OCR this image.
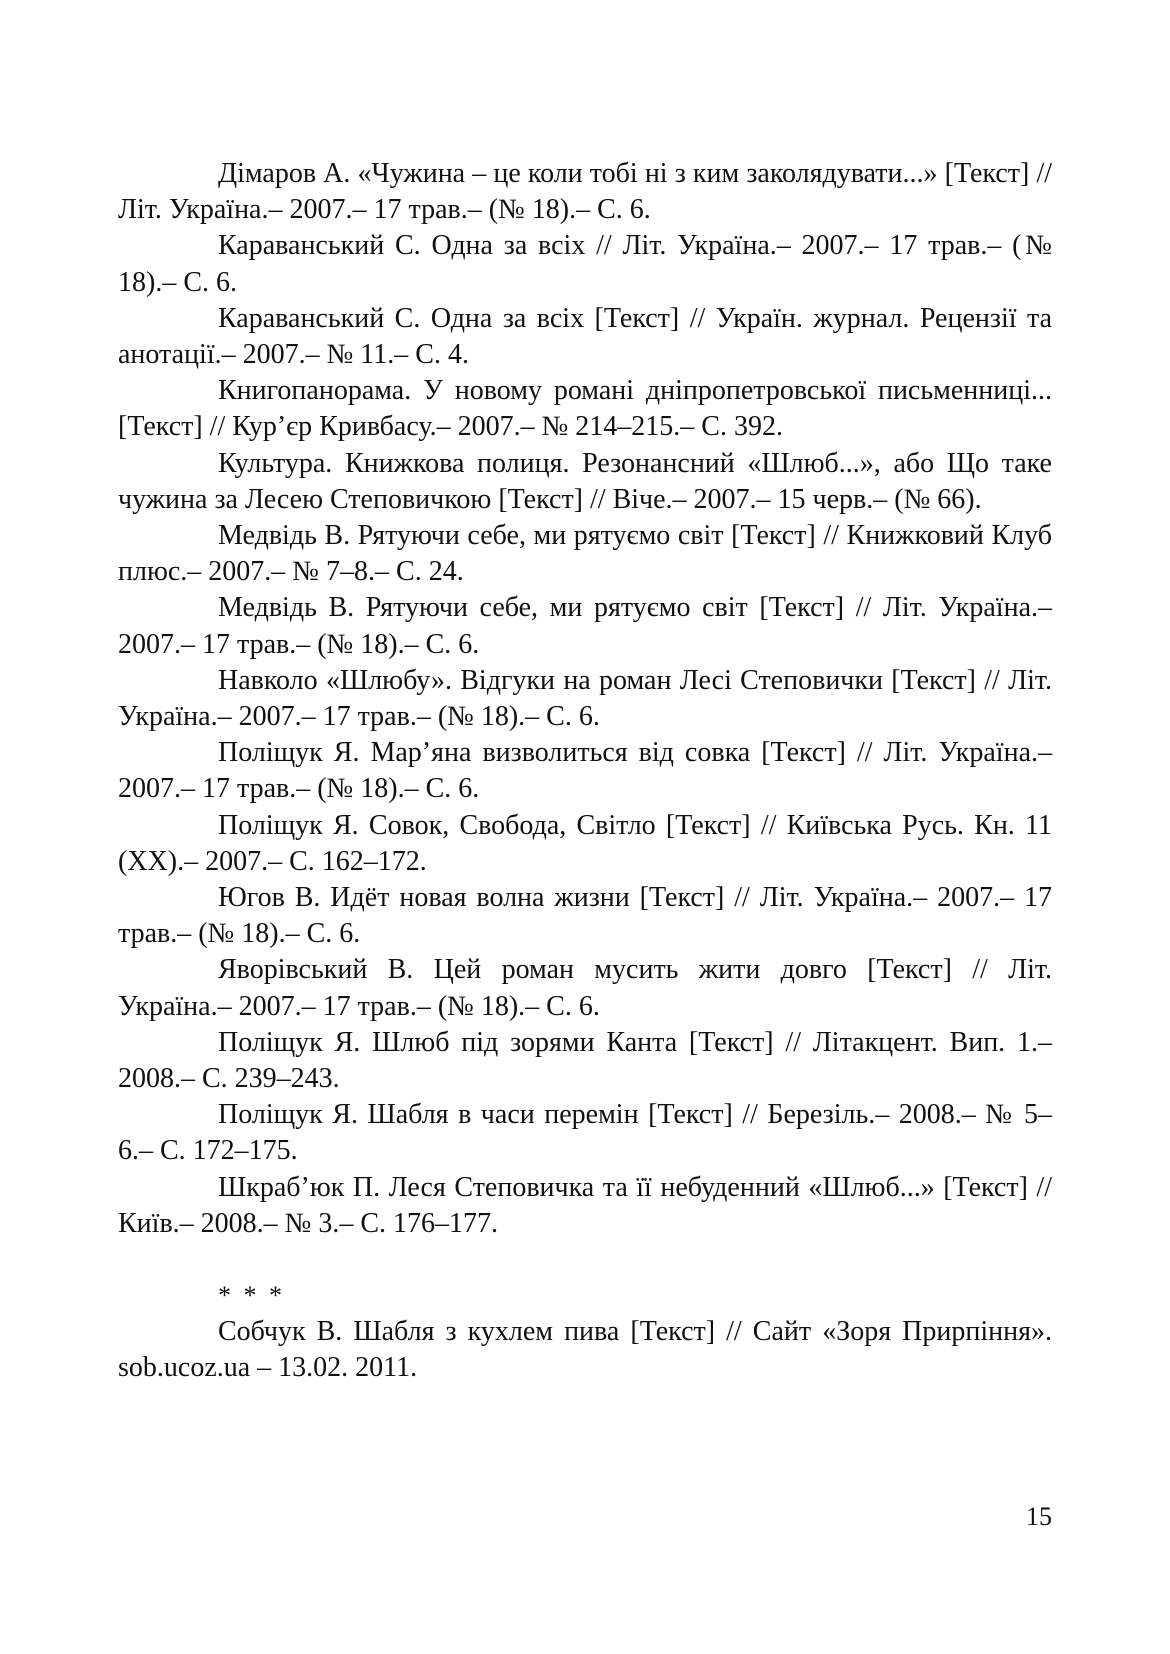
Дімаров А. «Чужина – це коли тобі ні з ким заколядувати...» [Текст] // Літ. Україна.– 2007.– 17 трав.– (№ 18).– С. 6.

Караванський С. Одна за всіх // Літ. Україна.– 2007.– 17 трав.– (№ 18).– С. 6.

Караванський С. Одна за всіх [Текст] // Україн. журнал. Рецензії та анотації.– 2007.– № 11.– С. 4.

Книгопанорама. У новому романі дніпропетровської письменниці... [Текст] // Кур’єр Кривбасу.– 2007.– № 214–215.– С. 392.

Культура. Книжкова полиця. Резонансний «Шлюб...», або Що таке чужина за Лесею Степовичкою [Текст] // Віче.– 2007.– 15 черв.– (№ 66).

Медвідь В. Рятуючи себе, ми рятуємо світ [Текст] // Книжковий Клуб плюс.– 2007.– № 7–8.– С. 24.

Медвідь В. Рятуючи себе, ми рятуємо світ [Текст] // Літ. Україна.– 2007.– 17 трав.– (№ 18).– С. 6.

Навколо «Шлюбу». Відгуки на роман Лесі Степовички [Текст] // Літ. Україна.– 2007.– 17 трав.– (№ 18).– С. 6.

Поліщук Я. Мар’яна визволиться від совка [Текст] // Літ. Україна.– 2007.– 17 трав.– (№ 18).– С. 6.

Поліщук Я. Совок, Свобода, Світло [Текст] // Київська Русь. Кн. 11 (XX).– 2007.– С. 162–172.

Югов В. Идёт новая волна жизни [Текст] // Літ. Україна.– 2007.– 17 трав.– (№ 18).– С. 6.

Яворівський В. Цей роман мусить жити довго [Текст] // Літ. Україна.– 2007.– 17 трав.– (№ 18).– С. 6.

Поліщук Я. Шлюб під зорями Канта [Текст] // Літакцент. Вип. 1.– 2008.– С. 239–243.

Поліщук Я. Шабля в часи перемін [Текст] // Березіль.– 2008.– № 5–6.– С. 172–175.

Шкраб’юк П. Леся Степовичка та її небуденний «Шлюб...» [Текст] // Київ.– 2008.– № 3.– С. 176–177.

* * *

Собчук В. Шабля з кухлем пива [Текст] // Сайт «Зоря Прирпіння». sob.ucoz.ua – 13.02. 2011.

15
